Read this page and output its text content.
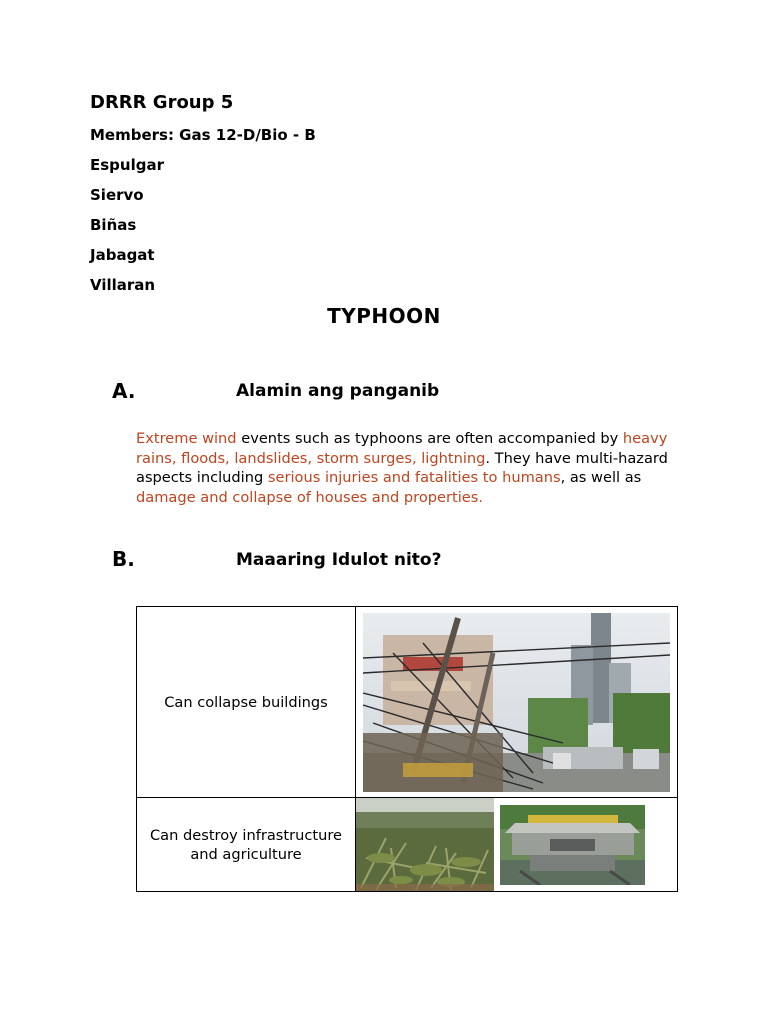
DRRR Group 5
Members: Gas 12-D/Bio - B
Espulgar
Siervo
Biñas
Jabagat
Villaran
TYPHOON
A.	Alamin ang panganib
Extreme wind events such as typhoons are often accompanied by heavy rains, floods, landslides, storm surges, lightning. They have multi-hazard aspects including serious injuries and fatalities to humans, as well as damage and collapse of houses and properties.
B.	Maaaring Idulot nito?
Can collapse buildings	

Can destroy infrastructure and agriculture	
